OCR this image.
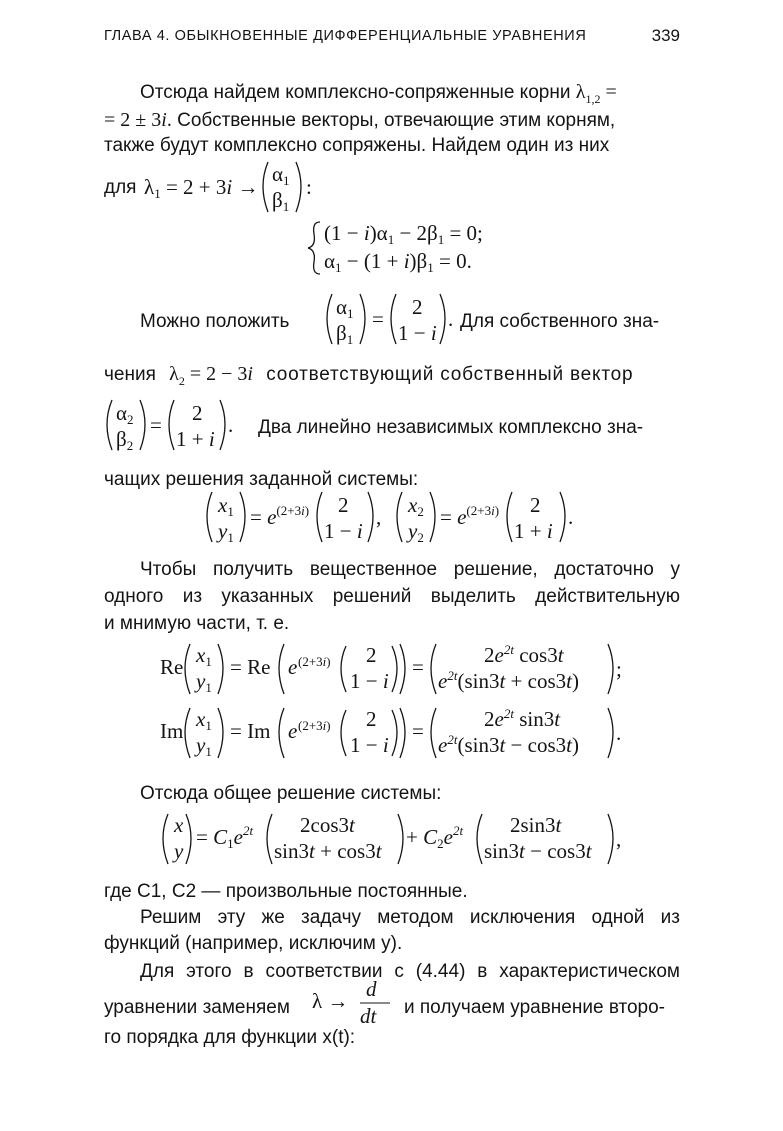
ГЛАВА 4. ОБЫКНОВЕННЫЕ ДИФФЕРЕНЦИАЛЬНЫЕ УРАВНЕНИЯ	339
Отсюда найдем комплексно-сопряженные корни $\lambda_{1,2}$ =
= 2 ± 3i. Собственные векторы, отвечающие этим корням,
также будут комплексно сопряжены. Найдем один из них
для λ1 = 2 + 3i →
α1
β1
:
(1 − i)α1 − 2β1 = 0;
α1 − (1 + i)β1 = 0.
Можно положить
α1
β1
= 2
1 − i
. Для собственного зна-
чения $\lambda_2 = 2 - 3i$ соответствующий собственный вектор
α2
β2
= 2
1 + i
. Два линейно независимых комплексно зна-
чащих решения заданной системы:
x1
y1
= $e^{(2+3}i$) 2
1 − i
, x2
y2
= $e^{(2+3}i$) 2
1 + i
.
Чтобы получить вещественное решение, достаточно у
одного из указанных решений выделить действительную
и мнимую части, т. е.
Re x1
y1
= Re e (2+3i) 2
1 − i
=	$2e^{2t}$ cos3t
$e^{2t}(\sin 3t + \cos 3t)$ ;
Im x1
y1
= Im e (2+3i) 2
1 − i
=	$2e^{2t}$ sin3t
$e^{2t}(\sin 3t - \cos 3t)$ .
Отсюда общее решение системы:
x
y
= $C1e^{2t}$ 2cos3t
sin3t + cos3t
+ $C2e^{2t}$ 2sin3t
sin3t − cos3t ,
где C1, C2 — произвольные постоянные.
Решим эту же задачу методом исключения одной из
функций (например, исключим y).
Для этого в соответствии с (4.44) в характеристическом
уравнении заменяем λ → d
dt и получаем уравнение второ-
го порядка для функции x(t):
